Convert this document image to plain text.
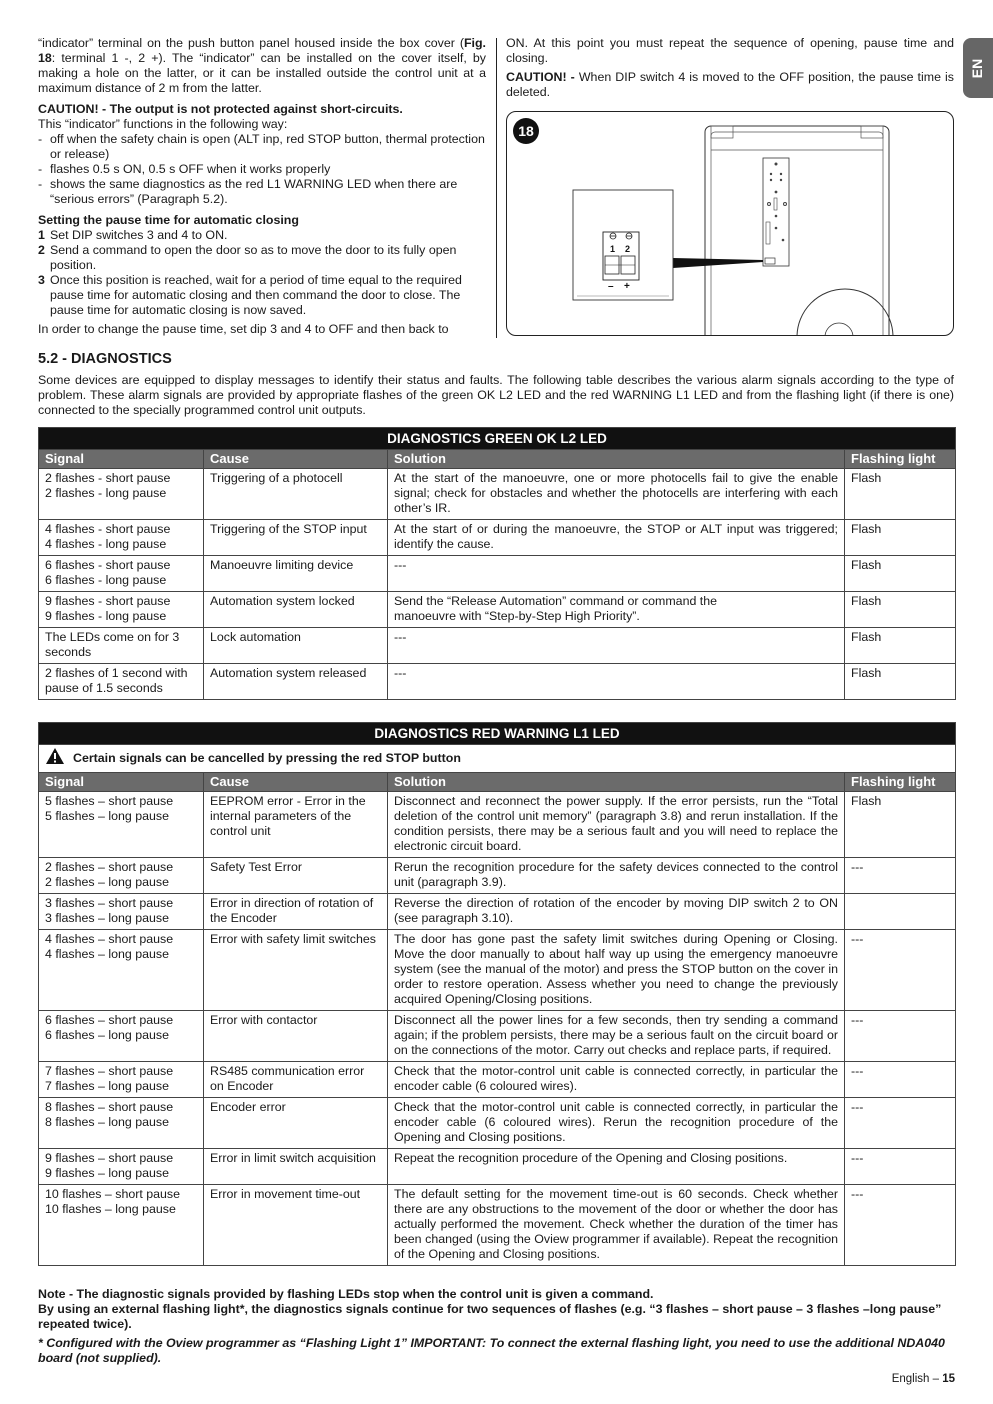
EN

“indicator” terminal on the push button panel housed inside the box cover (Fig. 18: terminal 1 -, 2 +). The “indicator” can be installed on the cover itself, by making a hole on the latter, or it can be installed outside the control unit at a maximum distance of 2 m from the latter.

CAUTION! - The output is not protected against short-circuits.

This “indicator” functions in the following way:

- off when the safety chain is open (ALT inp, red STOP button, thermal protection or release)
- flashes 0.5 s ON, 0.5 s OFF when it works properly
- shows the same diagnostics as the red L1 WARNING LED when there are “serious errors” (Paragraph 5.2).

Setting the pause time for automatic closing

1 Set DIP switches 3 and 4 to ON.
2 Send a command to open the door so as to move the door to its fully open position.
3 Once this position is reached, wait for a period of time equal to the required pause time for automatic closing and then command the door to close. The pause time for automatic closing is now saved.

In order to change the pause time, set dip 3 and 4 to OFF and then back to

ON. At this point you must repeat the sequence of opening, pause time and closing.

CAUTION! - When DIP switch 4 is moved to the OFF position, the pause time is deleted.

1 2
– +
18
5.2 - DIAGNOSTICS

Some devices are equipped to display messages to identify their status and faults. The following table describes the various alarm signals according to the type of problem. These alarm signals are provided by appropriate flashes of the green OK L2 LED and the red WARNING L1 LED and from the flashing light (if there is one) connected to the specially programmed control unit outputs.

DIAGNOSTICS GREEN OK L2 LED			
Signal	Cause	Solution	Flashing light
2 flashes - short pause
2 flashes - long pause	Triggering of a photocell	At the start of the manoeuvre, one or more photocells fail to give the enable signal; check for obstacles and whether the photocells are interfering with each other’s IR.	Flash
4 flashes - short pause
4 flashes - long pause	Triggering of the STOP input	At the start of or during the manoeuvre, the STOP or ALT input was triggered; identify the cause.	Flash
6 flashes - short pause
6 flashes - long pause	Manoeuvre limiting device	---	Flash
9 flashes - short pause
9 flashes - long pause	Automation system locked	Send the “Release Automation” command or command the
manoeuvre with “Step-by-Step High Priority”.	Flash
The LEDs come on for 3 seconds	Lock automation	---	Flash
2 flashes of 1 second with pause of 1.5 seconds	Automation system released	---	Flash
DIAGNOSTICS RED WARNING L1 LED			
Certain signals can be cancelled by pressing the red STOP button			
Signal	Cause	Solution	Flashing light
5 flashes – short pause
5 flashes – long pause	EEPROM error - Error in the internal parameters of the control unit	Disconnect and reconnect the power supply. If the error persists, run the “Total deletion of the control unit memory” (paragraph 3.8) and rerun installation. If the condition persists, there may be a serious fault and you will need to replace the electronic circuit board.	Flash
2 flashes – short pause
2 flashes – long pause	Safety Test Error	Rerun the recognition procedure for the safety devices connected to the control unit (paragraph 3.9).	---
3 flashes – short pause
3 flashes – long pause	Error in direction of rotation of the Encoder	Reverse the direction of rotation of the encoder by moving DIP switch 2 to ON (see paragraph 3.10).	
4 flashes – short pause
4 flashes – long pause	Error with safety limit switches	The door has gone past the safety limit switches during Opening or Closing. Move the door manually to about half way up using the emergency manoeuvre system (see the manual of the motor) and press the STOP button on the cover in order to restore operation. Assess whether you need to change the previously acquired Opening/Closing positions.	---
6 flashes – short pause
6 flashes – long pause	Error with contactor	Disconnect all the power lines for a few seconds, then try sending a command again; if the problem persists, there may be a serious fault on the circuit board or on the connections of the motor. Carry out checks and replace parts, if required.	---
7 flashes – short pause
7 flashes – long pause	RS485 communication error on Encoder	Check that the motor-control unit cable is connected correctly, in particular the encoder cable (6 coloured wires).	---
8 flashes – short pause
8 flashes – long pause	Encoder error	Check that the motor-control unit cable is connected correctly, in particular the encoder cable (6 coloured wires). Rerun the recognition procedure of the Opening and Closing positions.	---
9 flashes – short pause
9 flashes – long pause	Error in limit switch acquisition	Repeat the recognition procedure of the Opening and Closing positions.	---
10 flashes – short pause
10 flashes – long pause	Error in movement time-out	The default setting for the movement time-out is 60 seconds. Check whether there are any obstructions to the movement of the door or whether the door has actually performed the movement. Check whether the duration of the timer has been changed (using the Oview programmer if available). Repeat the recognition of the Opening and Closing positions.	---

Note - The diagnostic signals provided by flashing LEDs stop when the control unit is given a command.

By using an external flashing light*, the diagnostics signals continue for two sequences of flashes (e.g. “3 flashes – short pause – 3 flashes –long pause” repeated twice).

* Configured with the Oview programmer as “Flashing Light 1” IMPORTANT: To connect the external flashing light, you need to use the additional NDA040 board (not supplied).

English – 15
